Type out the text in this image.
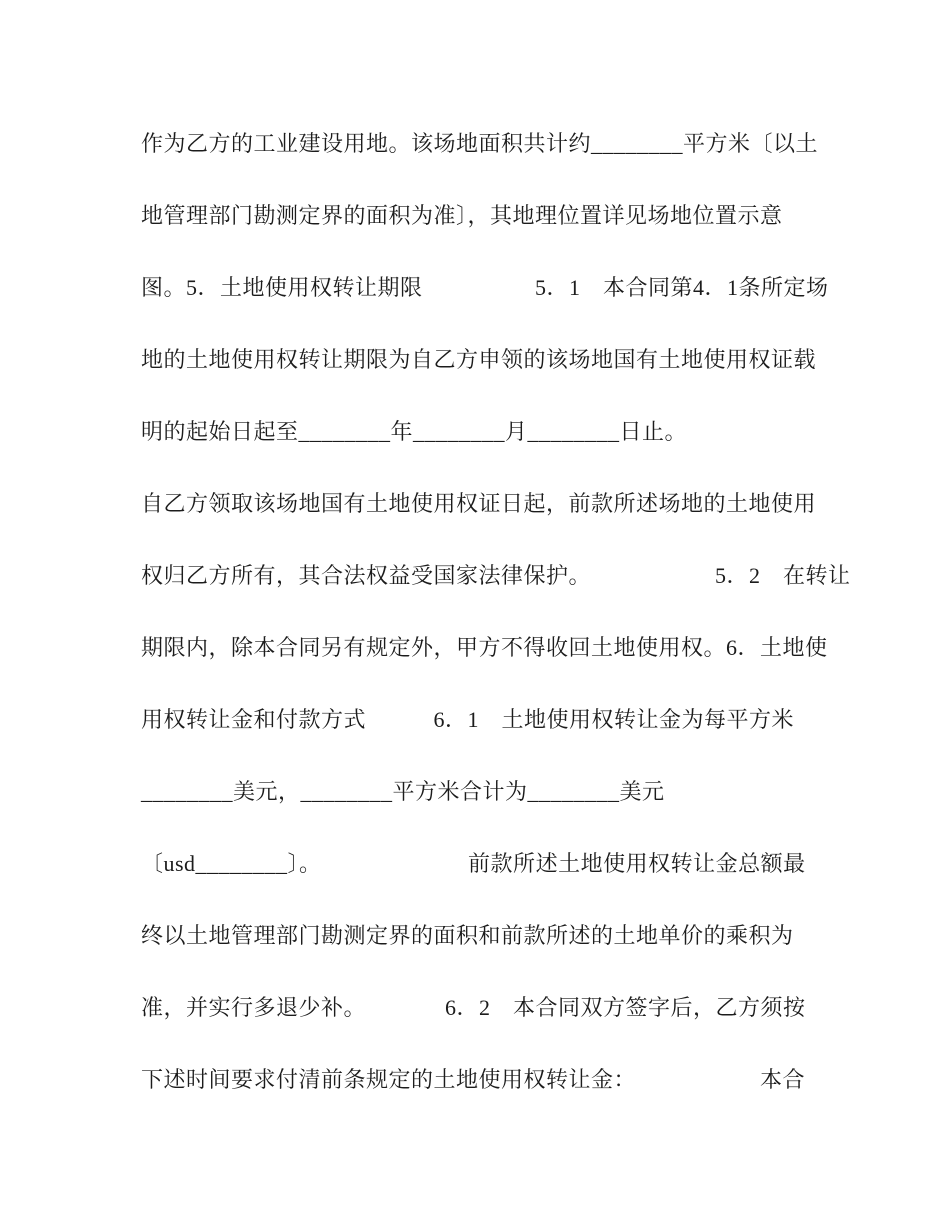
作为乙方的工业建设用地。该场地面积共计约________平方米〔以土
地管理部门勘测定界的面积为准〕，其地理位置详见场地位置示意
图。5．土地使用权转让期限　　　　　5．1　本合同第4．1条所定场
地的土地使用权转让期限为自乙方申领的该场地国有土地使用权证载
明的起始日起至________年________月________日止。
自乙方领取该场地国有土地使用权证日起，前款所述场地的土地使用
权归乙方所有，其合法权益受国家法律保护。　　　　　　5．2　在转让
期限内，除本合同另有规定外，甲方不得收回土地使用权。6．土地使
用权转让金和付款方式　　　6．1　土地使用权转让金为每平方米
________美元，________平方米合计为________美元
〔usd________〕。　　　　　　　前款所述土地使用权转让金总额最
终以土地管理部门勘测定界的面积和前款所述的土地单价的乘积为
准，并实行多退少补。　　　　6．2　本合同双方签字后，乙方须按
下述时间要求付清前条规定的土地使用权转让金：　　　　　　本合
